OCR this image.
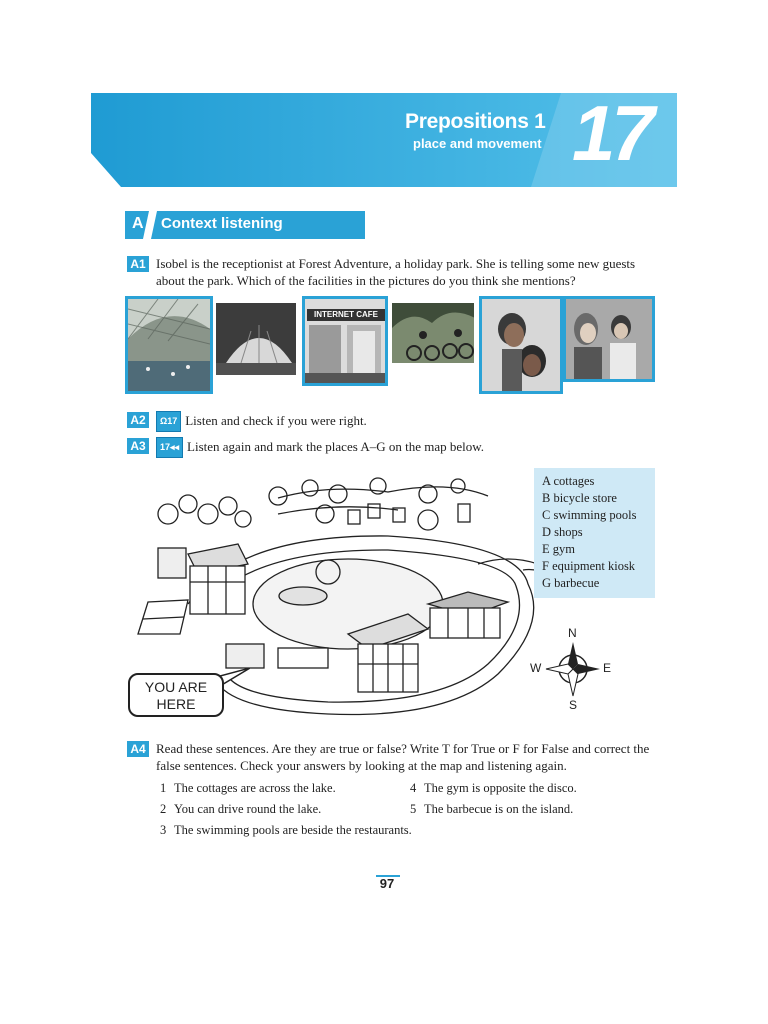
Prepositions 1
place and movement 17
A Context listening
A1 Isobel is the receptionist at Forest Adventure, a holiday park. She is telling some new guests about the park. Which of the facilities in the pictures do you think she mentions?
INTERNET CAFE
A2	Ω17 Listen and check if you were right.
A3	17◂◂ Listen again and mark the places A–G on the map below.
A cottages
B bicycle store
C swimming pools
D shops
E gym
F equipment kiosk
G barbecue
YOU ARE
HERE
N
S
W	E
A4 Read these sentences. Are they are true or false? Write T for True or F for False and correct the false sentences. Check your answers by looking at the map and listening again.
1 The cottages are across the lake.
2 You can drive round the lake.
3 The swimming pools are beside the restaurants.
4 The gym is opposite the disco.
5 The barbecue is on the island.
97
